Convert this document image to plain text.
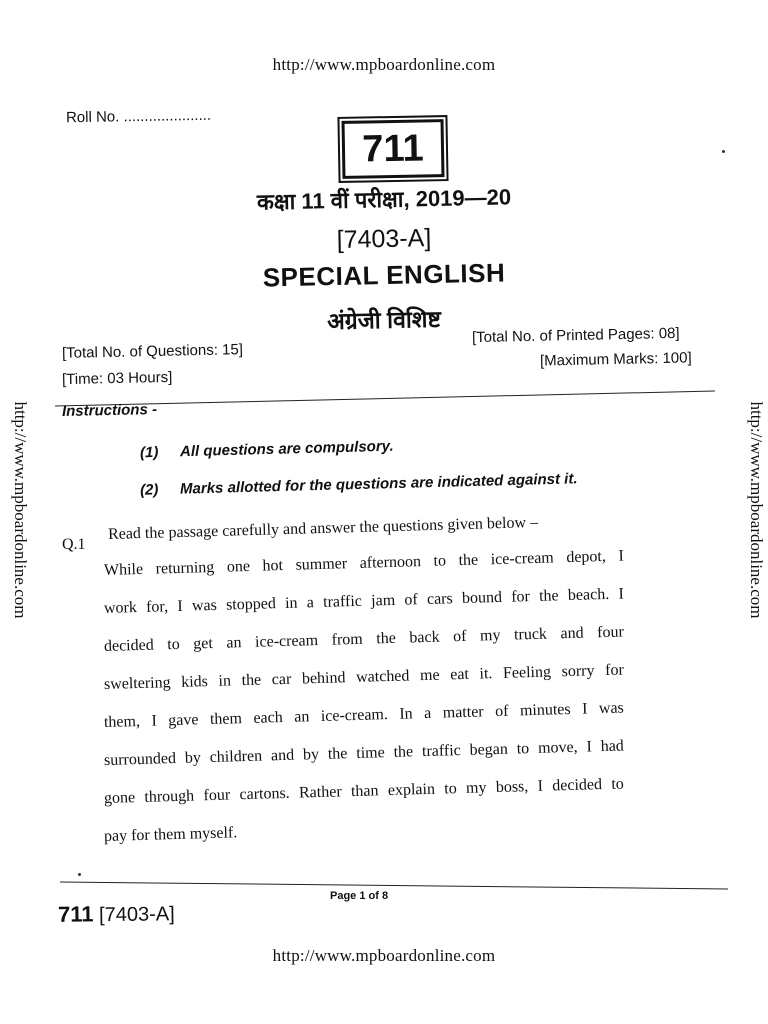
http://www.mpboardonline.com
http://www.mpboardonline.com	http://www.mpboardonline.com
Roll No. .....................
711
कक्षा 11 वीं परीक्षा, 2019—20
[7403-A]
SPECIAL ENGLISH
अंग्रेजी विशिष्ट
[Total No. of Questions: 15]
[Time: 03 Hours]
[Total No. of Printed Pages: 08]
[Maximum Marks: 100]
Instructions -
(1) All questions are compulsory.
(2) Marks allotted for the questions are indicated against it.
Q.1
Read the passage carefully and answer the questions given below –
While returning one hot summer afternoon to the ice-cream depot, I
work for, I was stopped in a traffic jam of cars bound for the beach. I
decided to get an ice-cream from the back of my truck and four
sweltering kids in the car behind watched me eat it. Feeling sorry for
them, I gave them each an ice-cream. In a matter of minutes I was
surrounded by children and by the time the traffic began to move, I had
gone through four cartons. Rather than explain to my boss, I decided to
pay for them myself.
Page 1 of 8
711 [7403-A]
http://www.mpboardonline.com
